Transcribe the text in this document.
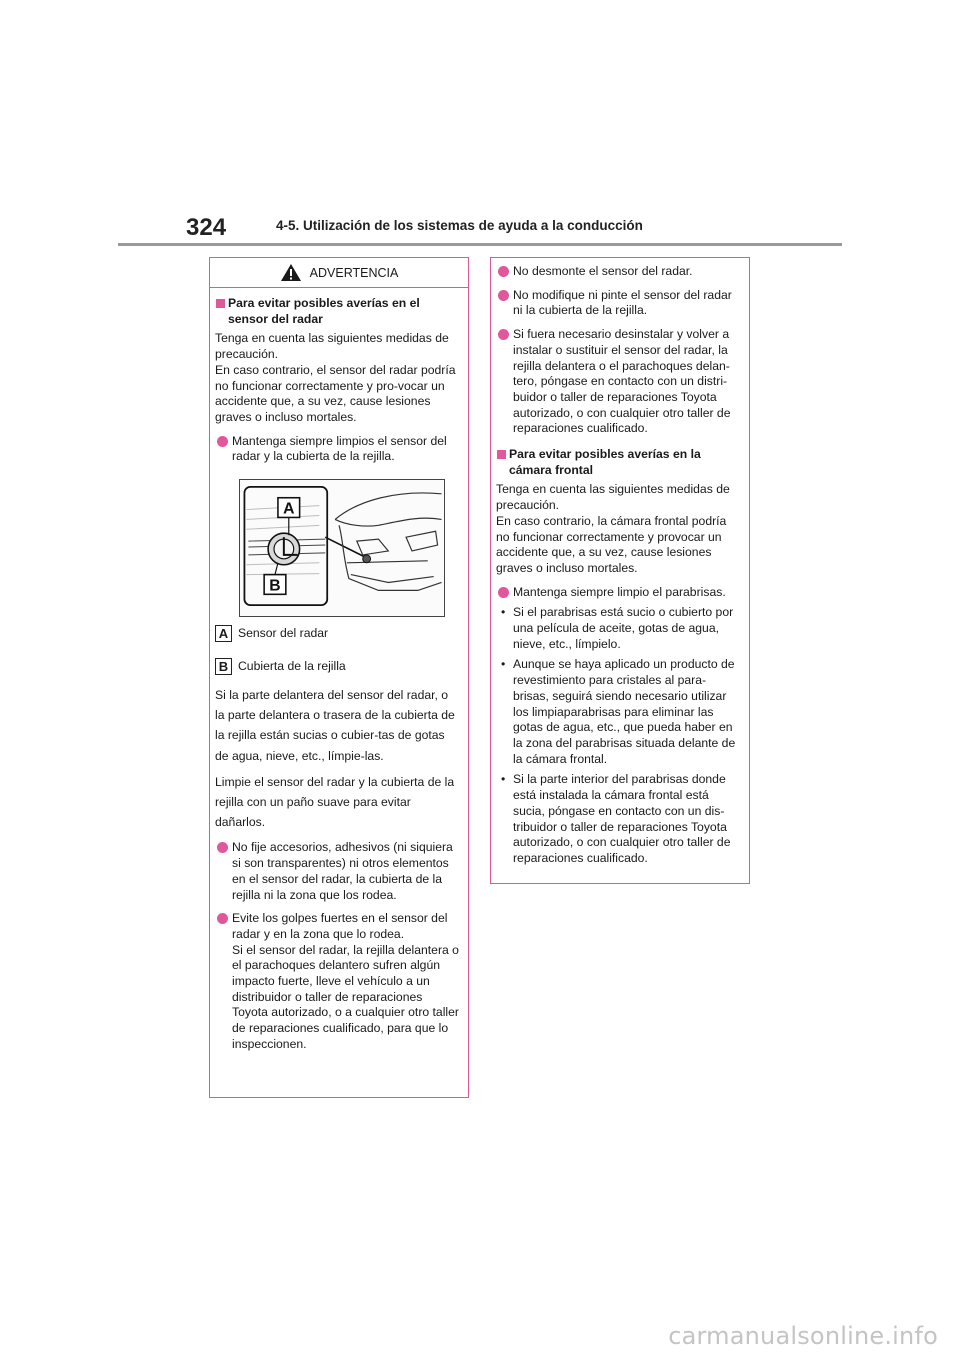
324	4-5. Utilización de los sistemas de ayuda a la conducción
ADVERTENCIA
Para evitar posibles averías en el sensor del radar
Tenga en cuenta las siguientes medidas de precaución.
En caso contrario, el sensor del radar podría no funcionar correctamente y pro-vocar un accidente que, a su vez, cause lesiones graves o incluso mortales.
Mantenga siempre limpios el sensor del radar y la cubierta de la rejilla.
A
B
A Sensor del radar
B Cubierta de la rejilla
Si la parte delantera del sensor del radar, o la parte delantera o trasera de la cubierta de la rejilla están sucias o cubier-tas de gotas de agua, nieve, etc., límpie-las.
Limpie el sensor del radar y la cubierta de la rejilla con un paño suave para evitar dañarlos.
No fije accesorios, adhesivos (ni siquiera si son transparentes) ni otros elementos en el sensor del radar, la cubierta de la rejilla ni la zona que los rodea.
Evite los golpes fuertes en el sensor del radar y en la zona que lo rodea.
Si el sensor del radar, la rejilla delantera o el parachoques delantero sufren algún impacto fuerte, lleve el vehículo a un distribuidor o taller de reparaciones Toyota autorizado, o a cualquier otro taller de reparaciones cualificado, para que lo inspeccionen.
No desmonte el sensor del radar.
No modifique ni pinte el sensor del radar ni la cubierta de la rejilla.
Si fuera necesario desinstalar y volver a instalar o sustituir el sensor del radar, la rejilla delantera o el parachoques delan-tero, póngase en contacto con un distri-buidor o taller de reparaciones Toyota autorizado, o con cualquier otro taller de reparaciones cualificado.
Para evitar posibles averías en la cámara frontal
Tenga en cuenta las siguientes medidas de precaución.
En caso contrario, la cámara frontal podría no funcionar correctamente y provocar un accidente que, a su vez, cause lesiones graves o incluso mortales.
Mantenga siempre limpio el parabrisas.
• Si el parabrisas está sucio o cubierto por una película de aceite, gotas de agua, nieve, etc., límpielo.
• Aunque se haya aplicado un producto de revestimiento para cristales al para-brisas, seguirá siendo necesario utilizar los limpiaparabrisas para eliminar las gotas de agua, etc., que pueda haber en la zona del parabrisas situada delante de la cámara frontal.
• Si la parte interior del parabrisas donde está instalada la cámara frontal está sucia, póngase en contacto con un dis-tribuidor o taller de reparaciones Toyota autorizado, o con cualquier otro taller de reparaciones cualificado.
carmanualsonline.info
